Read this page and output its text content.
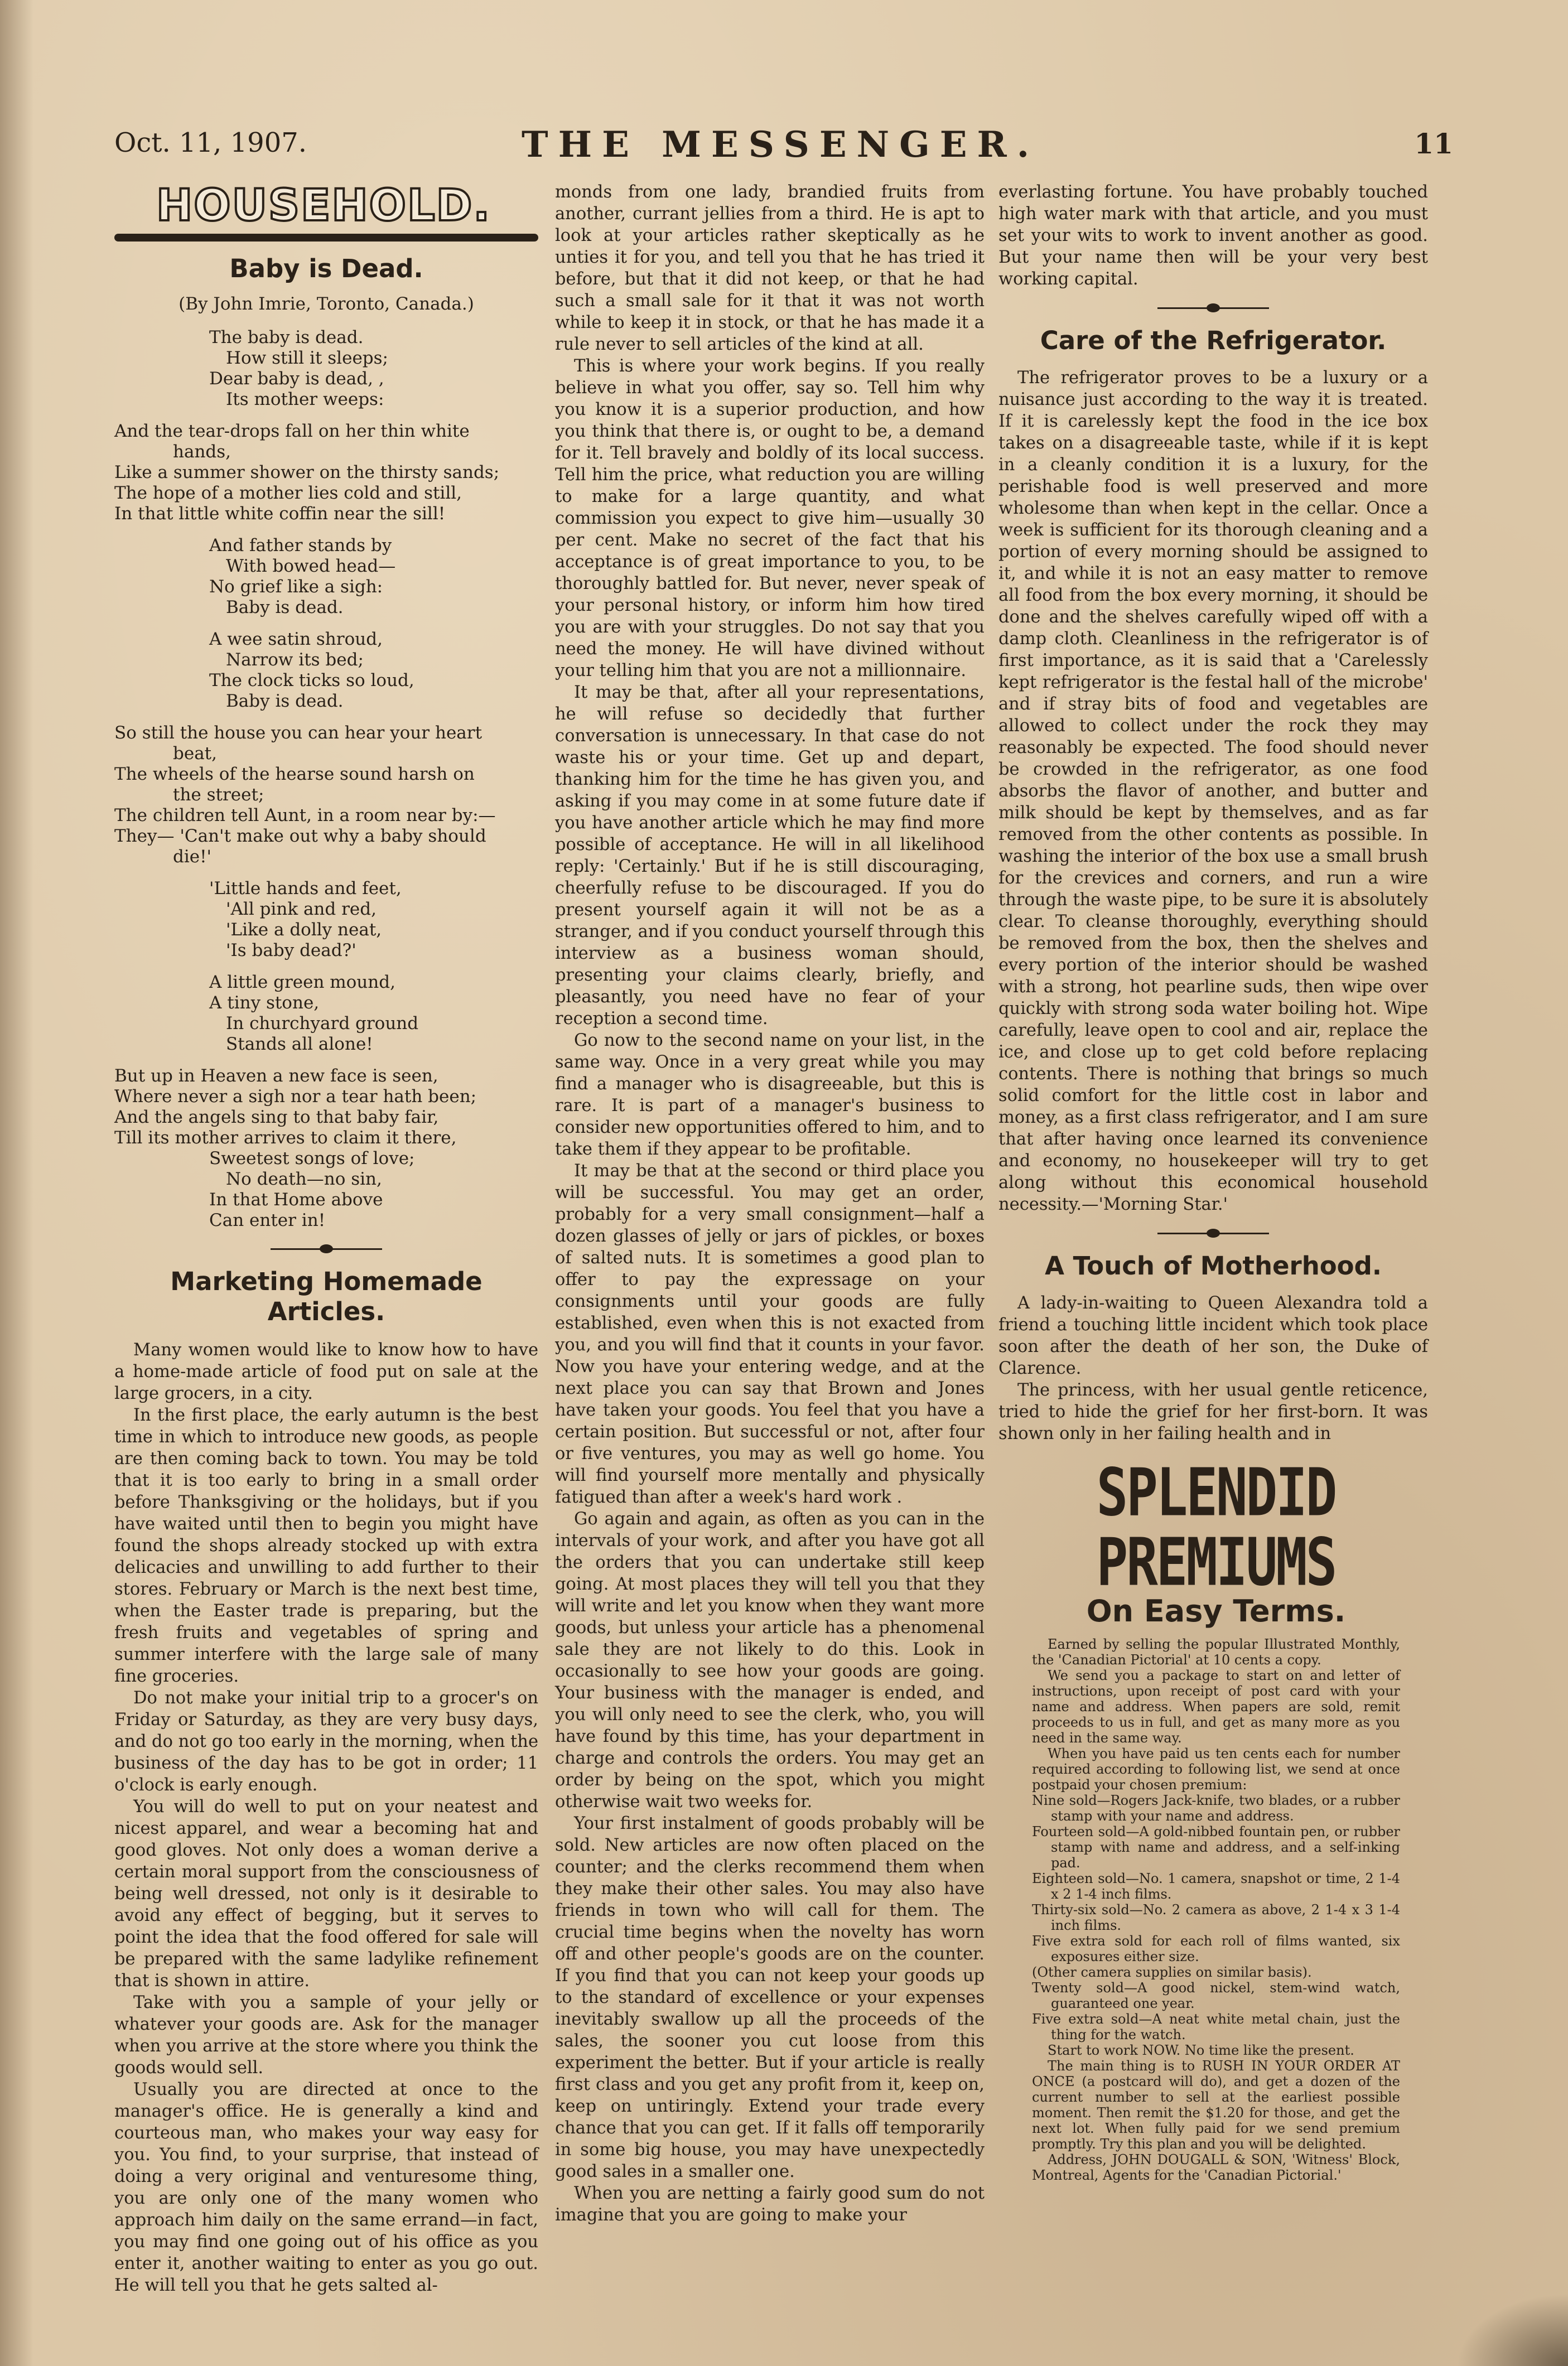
Oct. 11, 1907.	THE MESSENGER.	11
HOUSEHOLD.
Baby is Dead.
(By John Imrie, Toronto, Canada.)
The baby is dead.
How still it sleeps;
Dear baby is dead, ,
Its mother weeps:
And the tear-drops fall on her thin white
hands,
Like a summer shower on the thirsty sands;
The hope of a mother lies cold and still,
In that little white coffin near the sill!
And father stands by
With bowed head—
No grief like a sigh:
Baby is dead.
A wee satin shroud,
Narrow its bed;
The clock ticks so loud,
Baby is dead.
So still the house you can hear your heart
beat,
The wheels of the hearse sound harsh on
the street;
The children tell Aunt, in a room near by:—
They— 'Can't make out why a baby should
die!'
'Little hands and feet,
'All pink and red,
'Like a dolly neat,
'Is baby dead?'
A little green mound,
A tiny stone,
In churchyard ground
Stands all alone!
But up in Heaven a new face is seen,
Where never a sigh nor a tear hath been;
And the angels sing to that baby fair,
Till its mother arrives to claim it there,
Sweetest songs of love;
No death—no sin,
In that Home above
Can enter in!
Marketing Homemade
Articles.

Many women would like to know how to have a home-made article of food put on sale at the large grocers, in a city.

In the first place, the early autumn is the best time in which to introduce new goods, as people are then coming back to town. You may be told that it is too early to bring in a small order before Thanksgiving or the holidays, but if you have waited until then to begin you might have found the shops already stocked up with extra delicacies and unwilling to add further to their stores. February or March is the next best time, when the Easter trade is preparing, but the fresh fruits and vegetables of spring and summer interfere with the large sale of many fine groceries.

Do not make your initial trip to a grocer's on Friday or Saturday, as they are very busy days, and do not go too early in the morning, when the business of the day has to be got in order; 11 o'clock is early enough.

You will do well to put on your neatest and nicest apparel, and wear a becoming hat and good gloves. Not only does a woman derive a certain moral support from the consciousness of being well dressed, not only is it desirable to avoid any effect of begging, but it serves to point the idea that the food offered for sale will be prepared with the same ladylike refinement that is shown in attire.

Take with you a sample of your jelly or whatever your goods are. Ask for the manager when you arrive at the store where you think the goods would sell.

Usually you are directed at once to the manager's office. He is generally a kind and courteous man, who makes your way easy for you. You find, to your surprise, that instead of doing a very original and venturesome thing, you are only one of the many women who approach him daily on the same errand—in fact, you may find one going out of his office as you enter it, another waiting to enter as you go out. He will tell you that he gets salted al-

monds from one lady, brandied fruits from another, currant jellies from a third. He is apt to look at your articles rather skeptically as he unties it for you, and tell you that he has tried it before, but that it did not keep, or that he had such a small sale for it that it was not worth while to keep it in stock, or that he has made it a rule never to sell articles of the kind at all.

This is where your work begins. If you really believe in what you offer, say so. Tell him why you know it is a superior production, and how you think that there is, or ought to be, a demand for it. Tell bravely and boldly of its local success. Tell him the price, what reduction you are willing to make for a large quantity, and what commission you expect to give him—usually 30 per cent. Make no secret of the fact that his acceptance is of great importance to you, to be thoroughly battled for. But never, never speak of your personal history, or inform him how tired you are with your struggles. Do not say that you need the money. He will have divined without your telling him that you are not a millionnaire.

It may be that, after all your representations, he will refuse so decidedly that further conversation is unnecessary. In that case do not waste his or your time. Get up and depart, thanking him for the time he has given you, and asking if you may come in at some future date if you have another article which he may find more possible of acceptance. He will in all likelihood reply: 'Certainly.' But if he is still discouraging, cheerfully refuse to be discouraged. If you do present yourself again it will not be as a stranger, and if you conduct yourself through this interview as a business woman should, presenting your claims clearly, briefly, and pleasantly, you need have no fear of your reception a second time.

Go now to the second name on your list, in the same way. Once in a very great while you may find a manager who is disagreeable, but this is rare. It is part of a manager's business to consider new opportunities offered to him, and to take them if they appear to be profitable.

It may be that at the second or third place you will be successful. You may get an order, probably for a very small consignment—half a dozen glasses of jelly or jars of pickles, or boxes of salted nuts. It is sometimes a good plan to offer to pay the expressage on your consignments until your goods are fully established, even when this is not exacted from you, and you will find that it counts in your favor. Now you have your entering wedge, and at the next place you can say that Brown and Jones have taken your goods. You feel that you have a certain position. But successful or not, after four or five ventures, you may as well go home. You will find yourself more mentally and physically fatigued than after a week's hard work .

Go again and again, as often as you can in the intervals of your work, and after you have got all the orders that you can undertake still keep going. At most places they will tell you that they will write and let you know when they want more goods, but unless your article has a phenomenal sale they are not likely to do this. Look in occasionally to see how your goods are going. Your business with the manager is ended, and you will only need to see the clerk, who, you will have found by this time, has your department in charge and controls the orders. You may get an order by being on the spot, which you might otherwise wait two weeks for.

Your first instalment of goods probably will be sold. New articles are now often placed on the counter; and the clerks recommend them when they make their other sales. You may also have friends in town who will call for them. The crucial time begins when the novelty has worn off and other people's goods are on the counter. If you find that you can not keep your goods up to the standard of excellence or your expenses inevitably swallow up all the proceeds of the sales, the sooner you cut loose from this experiment the better. But if your article is really first class and you get any profit from it, keep on, keep on untiringly. Extend your trade every chance that you can get. If it falls off temporarily in some big house, you may have unexpectedly good sales in a smaller one.

When you are netting a fairly good sum do not imagine that you are going to make your

everlasting fortune. You have probably touched high water mark with that article, and you must set your wits to work to invent another as good. But your name then will be your very best working capital.

Care of the Refrigerator.

The refrigerator proves to be a luxury or a nuisance just according to the way it is treated. If it is carelessly kept the food in the ice box takes on a disagreeable taste, while if it is kept in a cleanly condition it is a luxury, for the perishable food is well preserved and more wholesome than when kept in the cellar. Once a week is sufficient for its thorough cleaning and a portion of every morning should be assigned to it, and while it is not an easy matter to remove all food from the box every morning, it should be done and the shelves carefully wiped off with a damp cloth. Cleanliness in the refrigerator is of first importance, as it is said that a 'Carelessly kept refrigerator is the festal hall of the microbe' and if stray bits of food and vegetables are allowed to collect under the rock they may reasonably be expected. The food should never be crowded in the refrigerator, as one food absorbs the flavor of another, and butter and milk should be kept by themselves, and as far removed from the other contents as possible. In washing the interior of the box use a small brush for the crevices and corners, and run a wire through the waste pipe, to be sure it is absolutely clear. To cleanse thoroughly, everything should be removed from the box, then the shelves and every portion of the interior should be washed with a strong, hot pearline suds, then wipe over quickly with strong soda water boiling hot. Wipe carefully, leave open to cool and air, replace the ice, and close up to get cold before replacing contents. There is nothing that brings so much solid comfort for the little cost in labor and money, as a first class refrigerator, and I am sure that after having once learned its convenience and economy, no housekeeper will try to get along without this economical household necessity.—'Morning Star.'

A Touch of Motherhood.

A lady-in-waiting to Queen Alexandra told a friend a touching little incident which took place soon after the death of her son, the Duke of Clarence.

The princess, with her usual gentle reticence, tried to hide the grief for her first-born. It was shown only in her failing health and in

SPLENDID PREMIUMS
On Easy Terms.

Earned by selling the popular Illustrated Monthly, the 'Canadian Pictorial' at 10 cents a copy.

We send you a package to start on and letter of instructions, upon receipt of post card with your name and address. When papers are sold, remit proceeds to us in full, and get as many more as you need in the same way.

When you have paid us ten cents each for number required according to following list, we send at once postpaid your chosen premium:

Nine sold—Rogers Jack-knife, two blades, or a rubber stamp with your name and address.

Fourteen sold—A gold-nibbed fountain pen, or rubber stamp with name and address, and a self-inking pad.

Eighteen sold—No. 1 camera, snapshot or time, 2 1-4 x 2 1-4 inch films.

Thirty-six sold—No. 2 camera as above, 2 1-4 x 3 1-4 inch films.

Five extra sold for each roll of films wanted, six exposures either size.

(Other camera supplies on similar basis).

Twenty sold—A good nickel, stem-wind watch, guaranteed one year.

Five extra sold—A neat white metal chain, just the thing for the watch.

Start to work NOW. No time like the present.

The main thing is to RUSH IN YOUR ORDER AT ONCE (a postcard will do), and get a dozen of the current number to sell at the earliest possible moment. Then remit the $1.20 for those, and get the next lot. When fully paid for we send premium promptly. Try this plan and you will be delighted.

Address, JOHN DOUGALL & SON, 'Witness' Block, Montreal, Agents for the 'Canadian Pictorial.'
